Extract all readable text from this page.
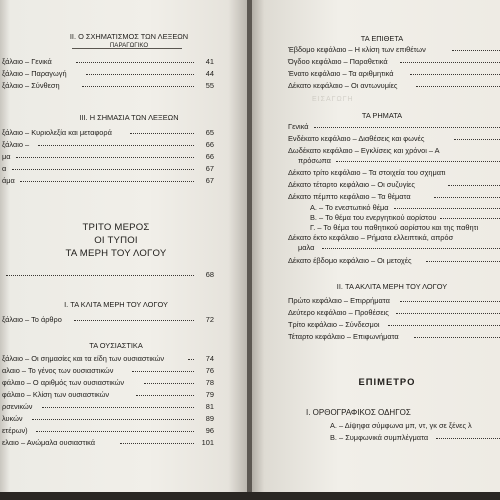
II. Ο ΣΧΗΜΑΤΙΣΜΟΣ ΤΩΝ ΛΕΞΕΩΝ
ΠΑΡΑΓΩΓΙΚΟ
ξάλαιο – Γενικά	41
ξάλαιο – Παραγωγή	44
ξάλαιο – Σύνθεση	55
III. Η ΣΗΜΑΣΙΑ ΤΩΝ ΛΕΞΕΩΝ
ξάλαιο – Κυριολεξία και μεταφορά	65
ξάλαιο –	66
μα	66
α	67
άμα	67
ΤΡΙΤΟ ΜΕΡΟΣ
ΟΙ ΤΥΠΟΙ
ΤΑ ΜΕΡΗ ΤΟΥ ΛΟΓΟΥ
68
I. ΤΑ ΚΛΙΤΑ ΜΕΡΗ ΤΟΥ ΛΟΓΟΥ
ξάλαιο – Το άρθρο	72
ΤΑ ΟΥΣΙΑΣΤΙΚΑ
ξάλαιο – Οι σημασίες και τα είδη των ουσιαστικών	74
αλαιο – Το γένος των ουσιαστικών	76
φάλαιο – Ο αριθμός των ουσιαστικών	78
φάλαιο – Κλίση των ουσιαστικών	79
ρσενικών	81
λυκών	89
ετέρων)	96
ελαιο – Ανώμαλα ουσιαστικά	101
ΤΑ ΕΠΙΘΕΤΑ
Έβδομο κεφάλαιο – Η κλίση των επιθέτων
Όγδοο κεφάλαιο – Παραθετικά
Ένατο κεφάλαιο – Τα αριθμητικά
Δέκατο κεφάλαιο – Οι αντωνυμίες
ΕΙΣΑΓΩΓΗ
ΤΑ ΡΗΜΑΤΑ
Γενικά
Ενδέκατο κεφάλαιο – Διαθέσεις και φωνές
Δωδέκατο κεφάλαιο – Εγκλίσεις και χρόνοι – Α
πρόσωπα
Δέκατο τρίτο κεφάλαιο – Τα στοιχεία του σχηματι
Δέκατο τέταρτο κεφάλαιο – Οι συζυγίες
Δέκατο πέμπτο κεφάλαιο – Τα θέματα
Α. – Το ενεστωτικό θέμα
Β. – Το θέμα του ενεργητικού αορίστου
Γ. – Το θέμα του παθητικού αορίστου και της παθητι
Δέκατο έκτο κεφάλαιο – Ρήματα ελλειπτικά, απρόσ
μαλα
Δέκατο έβδομο κεφάλαιο – Οι μετοχές
II. ΤΑ ΑΚΛΙΤΑ ΜΕΡΗ ΤΟΥ ΛΟΓΟΥ
Πρώτο κεφάλαιο – Επιρρήματα
Δεύτερο κεφάλαιο – Προθέσεις
Τρίτο κεφάλαιο – Σύνδεσμοι
Τέταρτο κεφάλαιο – Επιφωνήματα
ΕΠΙΜΕΤΡΟ
I. ΟΡΘΟΓΡΑΦΙΚΟΣ ΟΔΗΓΟΣ
Α. – Δίψηφα σύμφωνα μπ, ντ, γκ σε ξένες λ
Β. – Συμφωνικά συμπλέγματα
